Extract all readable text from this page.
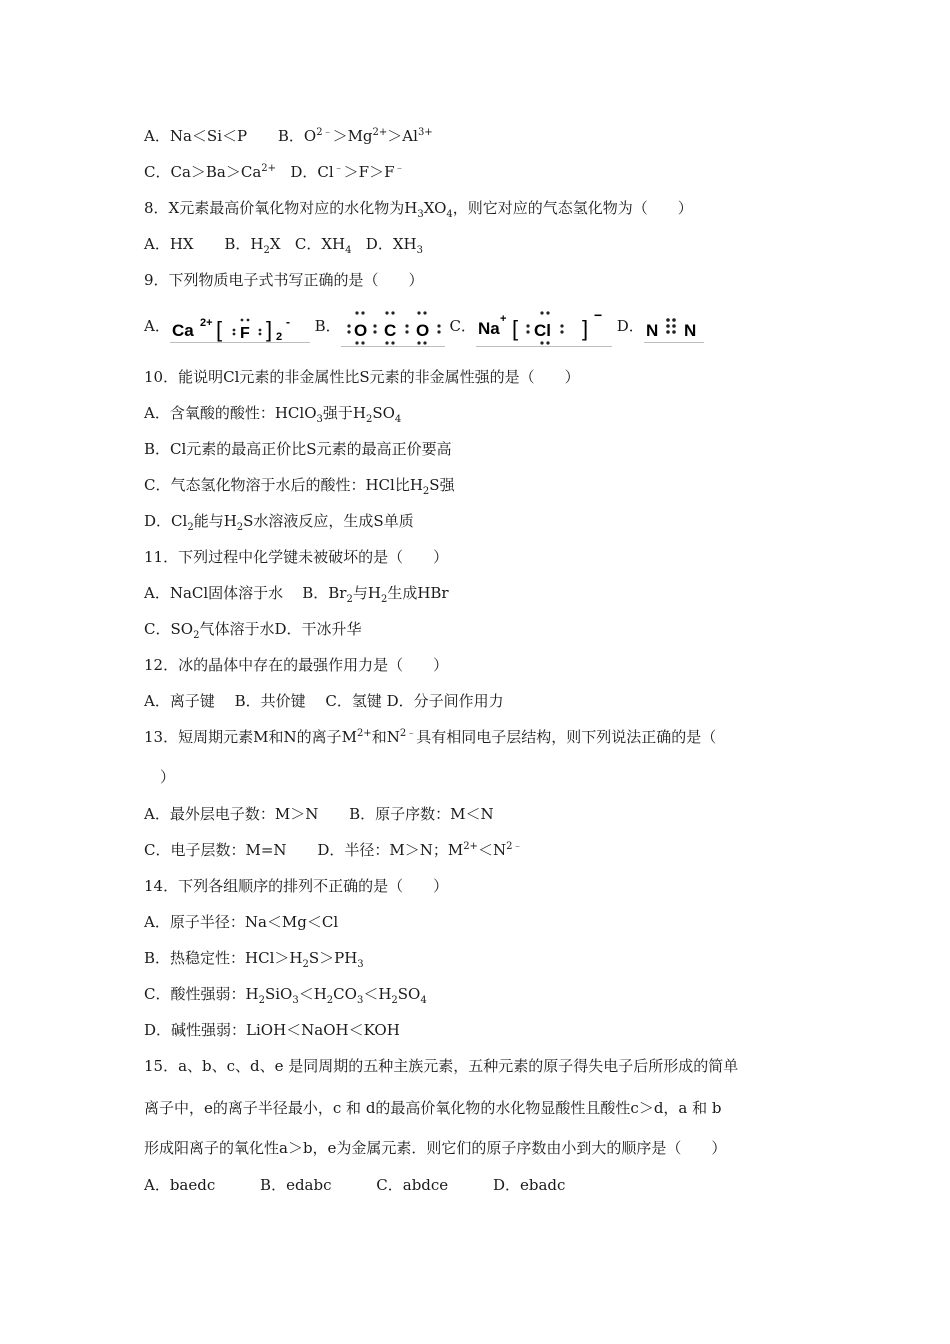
A．Na＜Si＜P B．$O^{2﹣}>Mg^{2+}>Al^{3+}$
C．$Ca>Ba>Ca^{2+}$ D．Cl﹣＞F＞F﹣
8．X元素最高价氧化物对应的水化物为$H_3XO_4$，则它对应的气态氢化物为（　　）
A．HX B．$H_2X$ C．$XH_4$ D．$XH_3$
9．下列物质电子式书写正确的是（　　）
A． Ca 2+ [ F ] 2
- B． O C O C． Na + [ Cl ]
−
D． N N
10．能说明Cl元素的非金属性比S元素的非金属性强的是（　　）
A．含氧酸的酸性：HClO$_3$强于$H_2SO_4$
B．Cl元素的最高正价比S元素的最高正价要高
C．气态氢化物溶于水后的酸性：HCl比$H_2S$强
D．$Cl_2$能与$H_2S$水溶液反应，生成S单质
11．下列过程中化学键未被破坏的是（　　）
A．NaCl固体溶于水 B．$Br_2$与$H_2$生成HBr
C．$SO_2$气体溶于水D．干冰升华
12．冰的晶体中存在的最强作用力是（　　）
A．离子键　 B．共价键　 C．氢键 D．分子间作用力
13．短周期元素M和N的离子$M^{2+}$和$N^{2﹣}$具有相同电子层结构，则下列说法正确的是（
）
A．最外层电子数：M＞N B．原子序数：M＜N
C．电子层数：M=N D．半径：M＞N；$M^{2+}<N^{2﹣}$
14．下列各组顺序的排列不正确的是（　　）
A．原子半径：Na＜Mg＜Cl
B．热稳定性：$HCl>H_2S>PH_3$
C．酸性强弱：$H_2SiO_3<H_2CO_3<H_2SO_4$
D．碱性强弱：LiOH＜NaOH＜KOH
15．a、b、c、d、e 是同周期的五种主族元素，五种元素的原子得失电子后所形成的简单
离子中，e的离子半径最小，c 和 d的最高价氧化物的水化物显酸性且酸性c＞d，a 和 b
形成阳离子的氧化性a＞b，e为金属元素．则它们的原子序数由小到大的顺序是（　　）
A．baedc	B．edabc	C．abdce	D．ebadc
